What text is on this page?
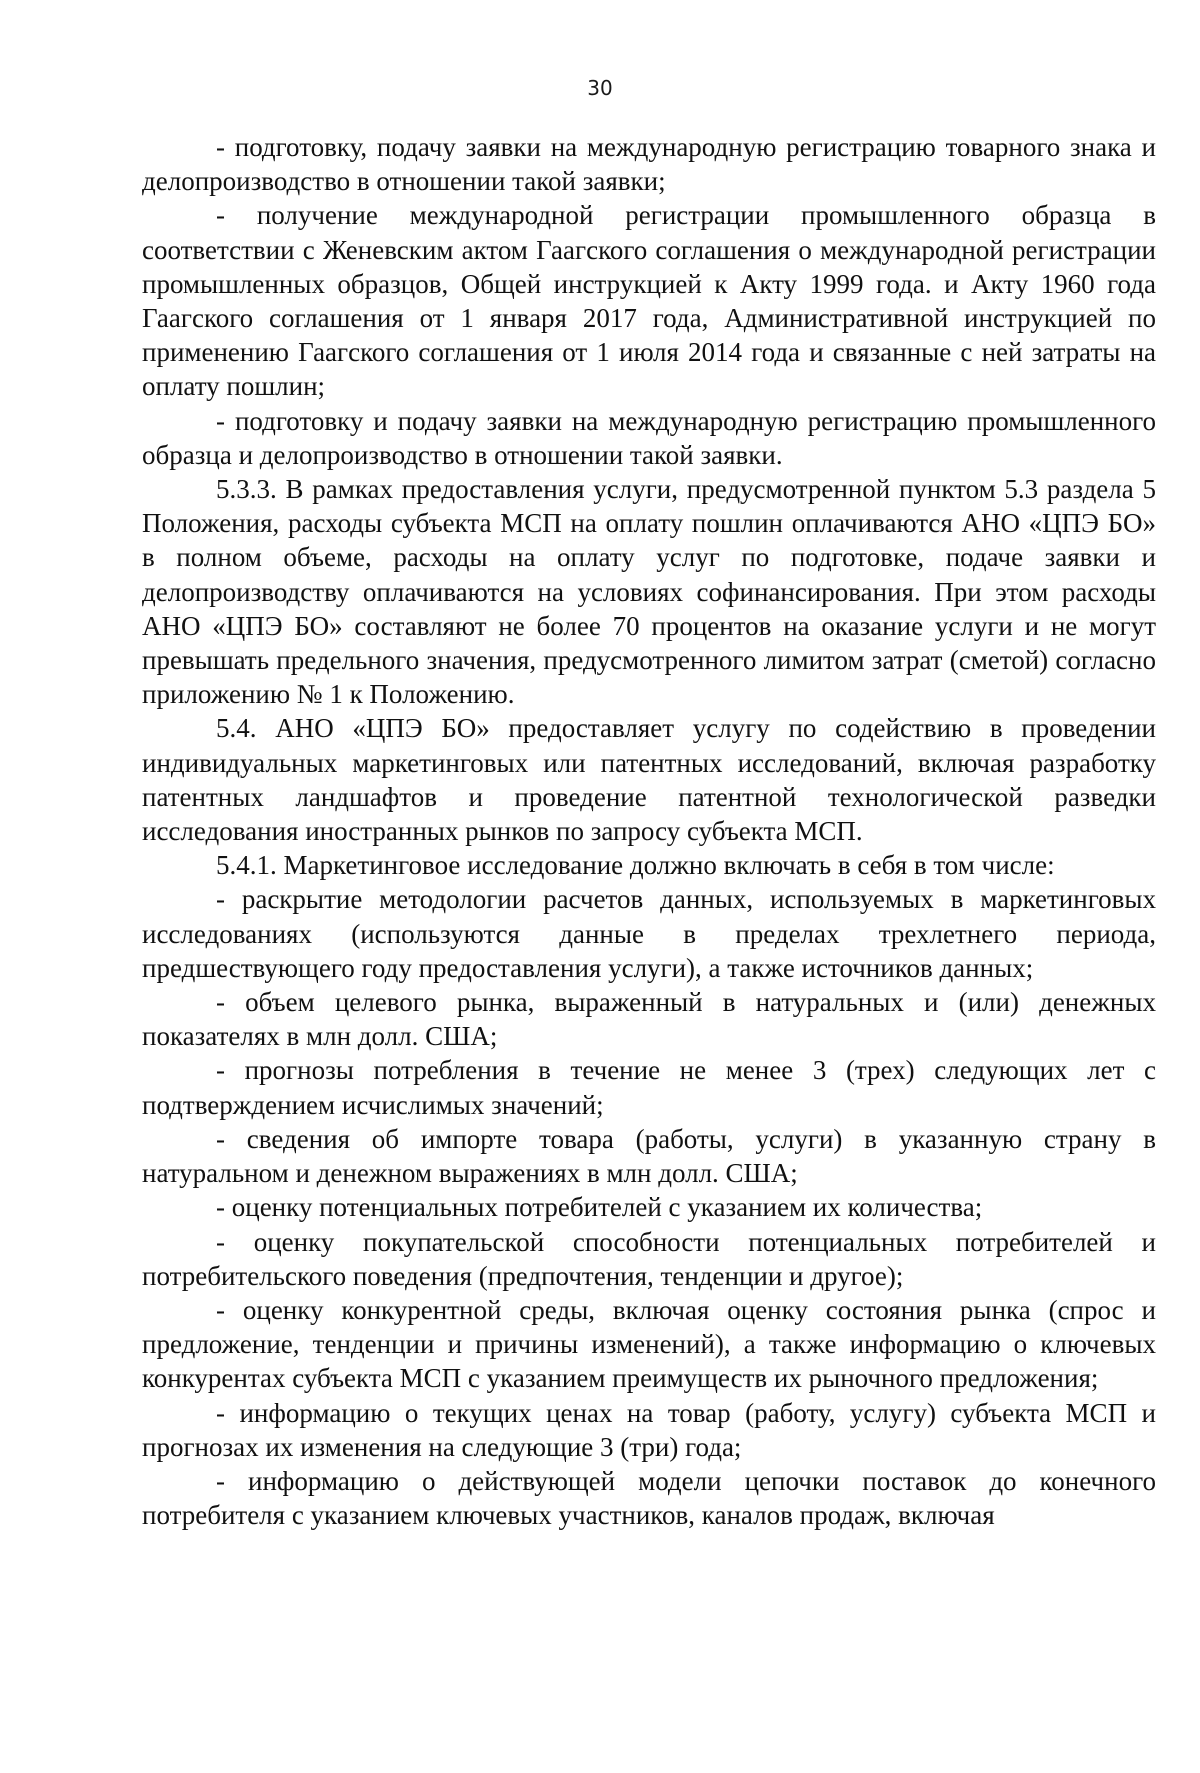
30

- подготовку, подачу заявки на международную регистрацию товарного знака и делопроизводство в отношении такой заявки;

- получение международной регистрации промышленного образца в соответствии с Женевским актом Гаагского соглашения о международной регистрации промышленных образцов, Общей инструкцией к Акту 1999 года. и Акту 1960 года Гаагского соглашения от 1 января 2017 года, Административной инструкцией по применению Гаагского соглашения от 1 июля 2014 года и связанные с ней затраты на оплату пошлин;

- подготовку и подачу заявки на международную регистрацию промышленного образца и делопроизводство в отношении такой заявки.

5.3.3. В рамках предоставления услуги, предусмотренной пунктом 5.3 раздела 5 Положения, расходы субъекта МСП на оплату пошлин оплачиваются АНО «ЦПЭ БО» в полном объеме, расходы на оплату услуг по подготовке, подаче заявки и делопроизводству оплачиваются на условиях софинансирования. При этом расходы АНО «ЦПЭ БО» составляют не более 70 процентов на оказание услуги и не могут превышать предельного значения, предусмотренного лимитом затрат (сметой) согласно приложению № 1 к Положению.

5.4. АНО «ЦПЭ БО» предоставляет услугу по содействию в проведении индивидуальных маркетинговых или патентных исследований, включая разработку патентных ландшафтов и проведение патентной технологической разведки исследования иностранных рынков по запросу субъекта МСП.

5.4.1. Маркетинговое исследование должно включать в себя в том числе:

- раскрытие методологии расчетов данных, используемых в маркетинговых исследованиях (используются данные в пределах трехлетнего периода, предшествующего году предоставления услуги), а также источников данных;

- объем целевого рынка, выраженный в натуральных и (или) денежных показателях в млн долл. США;

- прогнозы потребления в течение не менее 3 (трех) следующих лет с подтверждением исчислимых значений;

- сведения об импорте товара (работы, услуги) в указанную страну в натуральном и денежном выражениях в млн долл. США;

- оценку потенциальных потребителей с указанием их количества;

- оценку покупательской способности потенциальных потребителей и потребительского поведения (предпочтения, тенденции и другое);

- оценку конкурентной среды, включая оценку состояния рынка (спрос и предложение, тенденции и причины изменений), а также информацию о ключевых конкурентах субъекта МСП с указанием преимуществ их рыночного предложения;

- информацию о текущих ценах на товар (работу, услугу) субъекта МСП и прогнозах их изменения на следующие 3 (три) года;

- информацию о действующей модели цепочки поставок до конечного потребителя с указанием ключевых участников, каналов продаж, включая
